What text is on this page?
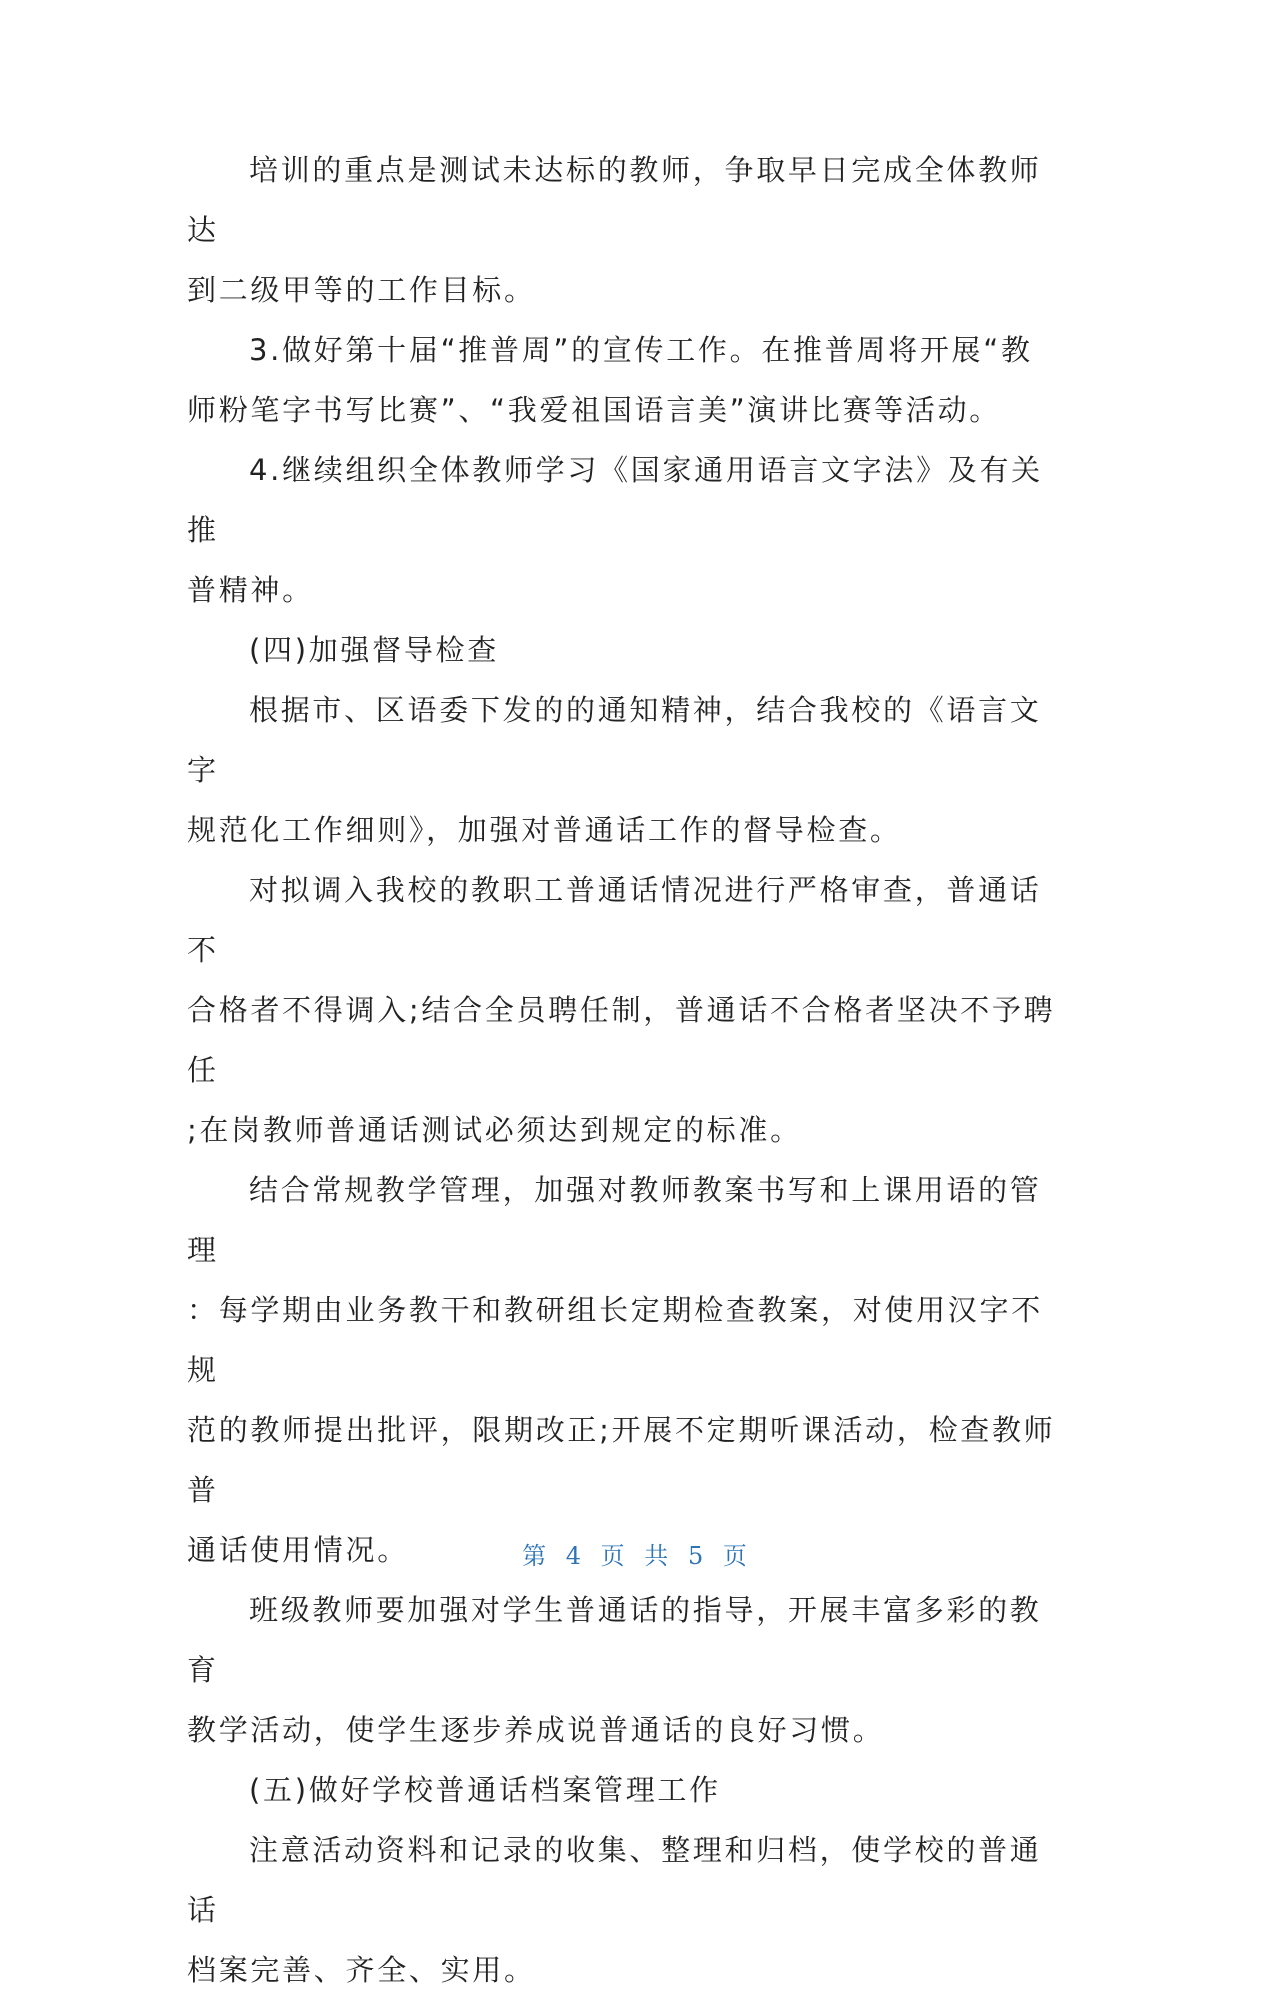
培训的重点是测试未达标的教师，争取早日完成全体教师达
到二级甲等的工作目标。
3.做好第十届“推普周”的宣传工作。在推普周将开展“教
师粉笔字书写比赛”、“我爱祖国语言美”演讲比赛等活动。
4.继续组织全体教师学习《国家通用语言文字法》及有关推
普精神。
(四)加强督导检查
根据市、区语委下发的的通知精神，结合我校的《语言文字
规范化工作细则》，加强对普通话工作的督导检查。
对拟调入我校的教职工普通话情况进行严格审查，普通话不
合格者不得调入;结合全员聘任制，普通话不合格者坚决不予聘任
;在岗教师普通话测试必须达到规定的标准。
结合常规教学管理，加强对教师教案书写和上课用语的管理
：每学期由业务教干和教研组长定期检查教案，对使用汉字不规
范的教师提出批评，限期改正;开展不定期听课活动，检查教师普
通话使用情况。
班级教师要加强对学生普通话的指导，开展丰富多彩的教育
教学活动，使学生逐步养成说普通话的良好习惯。
(五)做好学校普通话档案管理工作
注意活动资料和记录的收集、整理和归档，使学校的普通话
档案完善、齐全、实用。
第 4 页 共 5 页
